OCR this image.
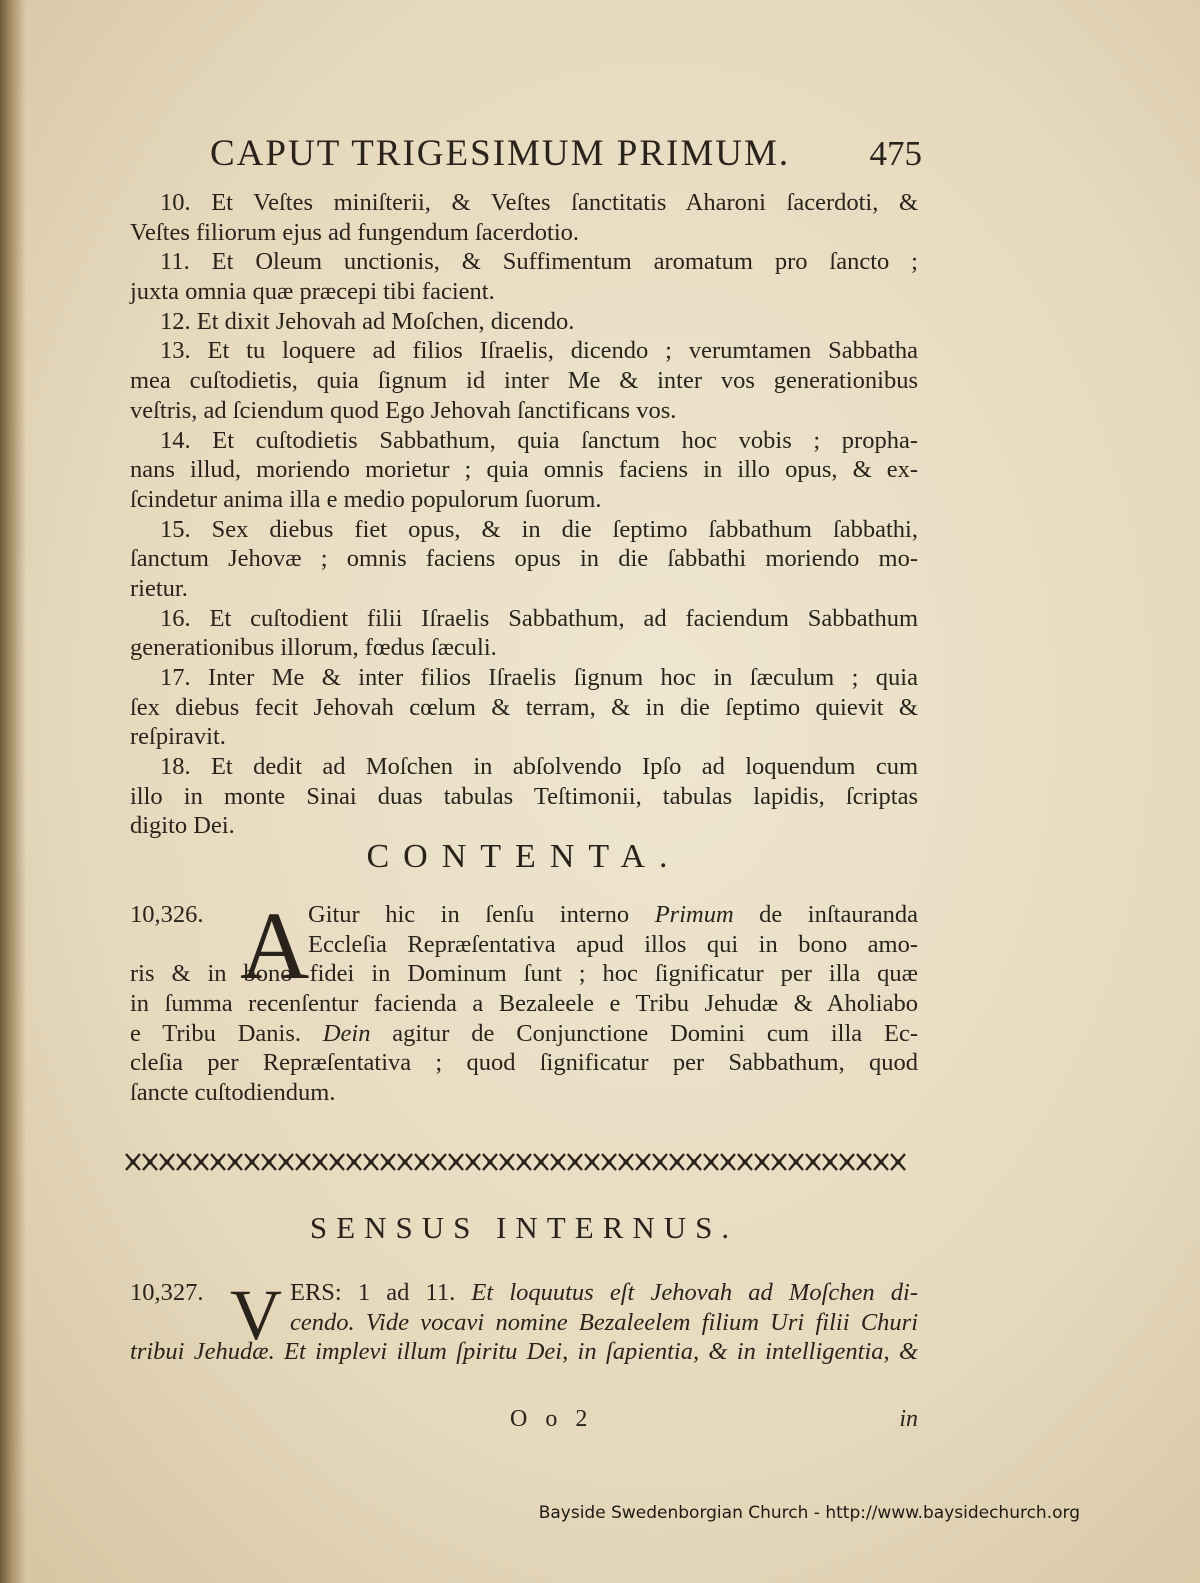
CAPUT TRIGESIMUM PRIMUM. 475
10. Et Veſtes miniſterii, & Veſtes ſanctitatis Aharoni ſacerdoti, &
Veſtes filiorum ejus ad fungendum ſacerdotio.
11. Et Oleum unctionis, & Suffimentum aromatum pro ſancto ;
juxta omnia quæ præcepi tibi facient.
12. Et dixit Jehovah ad Moſchen, dicendo.
13. Et tu loquere ad filios Iſraelis, dicendo ; verumtamen Sabbatha
mea cuſtodietis, quia ſignum id inter Me & inter vos generationibus
veſtris, ad ſciendum quod Ego Jehovah ſanctificans vos.
14. Et cuſtodietis Sabbathum, quia ſanctum hoc vobis ; propha-
nans illud, moriendo morietur ; quia omnis faciens in illo opus, & ex-
ſcindetur anima illa e medio populorum ſuorum.
15. Sex diebus fiet opus, & in die ſeptimo ſabbathum ſabbathi,
ſanctum Jehovæ ; omnis faciens opus in die ſabbathi moriendo mo-
rietur.
16. Et cuſtodient filii Iſraelis Sabbathum, ad faciendum Sabbathum
generationibus illorum, fœdus ſæculi.
17. Inter Me & inter filios Iſraelis ſignum hoc in ſæculum ; quia
ſex diebus fecit Jehovah cœlum & terram, & in die ſeptimo quievit &
reſpiravit.
18. Et dedit ad Moſchen in abſolvendo Ipſo ad loquendum cum
illo in monte Sinai duas tabulas Teſtimonii, tabulas lapidis, ſcriptas
digito Dei.
CONTENTA.
A
10,326.	Gitur hic in ſenſu interno Primum de inſtauranda
Eccleſia Repræſentativa apud illos qui in bono amo-
ris & in bono fidei in Dominum ſunt ; hoc ſignificatur per illa quæ
in ſumma recenſentur facienda a Bezaleele e Tribu Jehudæ & Aholiabo
e Tribu Danis. Dein agitur de Conjunctione Domini cum illa Ec-
cleſia per Repræſentativa ; quod ſignificatur per Sabbathum, quod
ſancte cuſtodiendum.
SENSUS INTERNUS.
V
10,327.	ERS: 1 ad 11. Et loquutus eſt Jehovah ad Moſchen di-
cendo. Vide vocavi nomine Bezaleelem filium Uri filii Churi
tribui Jehudæ. Et implevi illum ſpiritu Dei, in ſapientia, & in intelligentia, &
O o 2	in
Bayside Swedenborgian Church - http://www.baysidechurch.org
